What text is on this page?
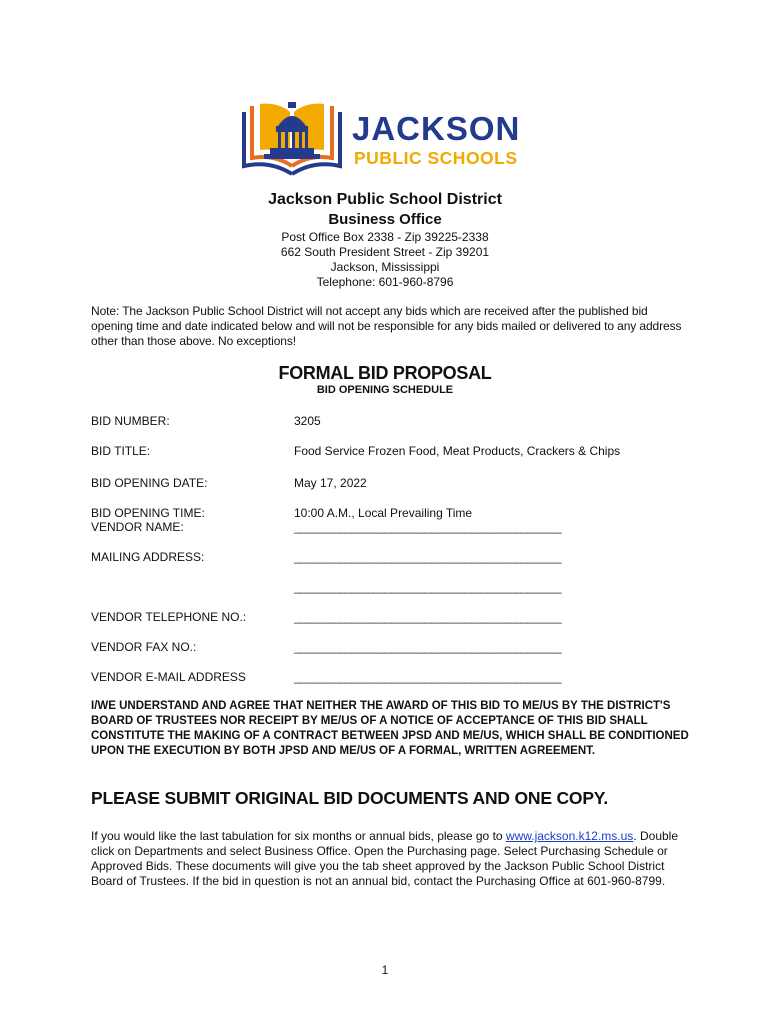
JACKSON
PUBLIC SCHOOLS
Jackson Public School District
Business Office
Post Office Box 2338 - Zip 39225-2338
662 South President Street - Zip 39201
Jackson, Mississippi
Telephone: 601-960-8796
Note: The Jackson Public School District will not accept any bids which are received after the published bid opening time and date indicated below and will not be responsible for any bids mailed or delivered to any address other than those above. No exceptions!
FORMAL BID PROPOSAL
BID OPENING SCHEDULE
BID NUMBER:	3205
BID TITLE:	Food Service Frozen Food, Meat Products, Crackers & Chips
BID OPENING DATE:	May 17, 2022
BID OPENING TIME:	10:00 A.M., Local Prevailing Time
VENDOR NAME:	_______________________________________________
MAILING ADDRESS:	_______________________________________________
_______________________________________________
VENDOR TELEPHONE NO.:	_______________________________________________
VENDOR FAX NO.:	_______________________________________________
VENDOR E-MAIL ADDRESS	_______________________________________________
I/WE UNDERSTAND AND AGREE THAT NEITHER THE AWARD OF THIS BID TO ME/US BY THE DISTRICT'S BOARD OF TRUSTEES NOR RECEIPT BY ME/US OF A NOTICE OF ACCEPTANCE OF THIS BID SHALL CONSTITUTE THE MAKING OF A CONTRACT BETWEEN JPSD AND ME/US, WHICH SHALL BE CONDITIONED UPON THE EXECUTION BY BOTH JPSD AND ME/US OF A FORMAL, WRITTEN AGREEMENT.
PLEASE SUBMIT ORIGINAL BID DOCUMENTS AND ONE COPY.
If you would like the last tabulation for six months or annual bids, please go to www.jackson.k12.ms.us. Double click on Departments and select Business Office. Open the Purchasing page. Select Purchasing Schedule or Approved Bids. These documents will give you the tab sheet approved by the Jackson Public School District Board of Trustees. If the bid in question is not an annual bid, contact the Purchasing Office at 601-960-8799.
1
